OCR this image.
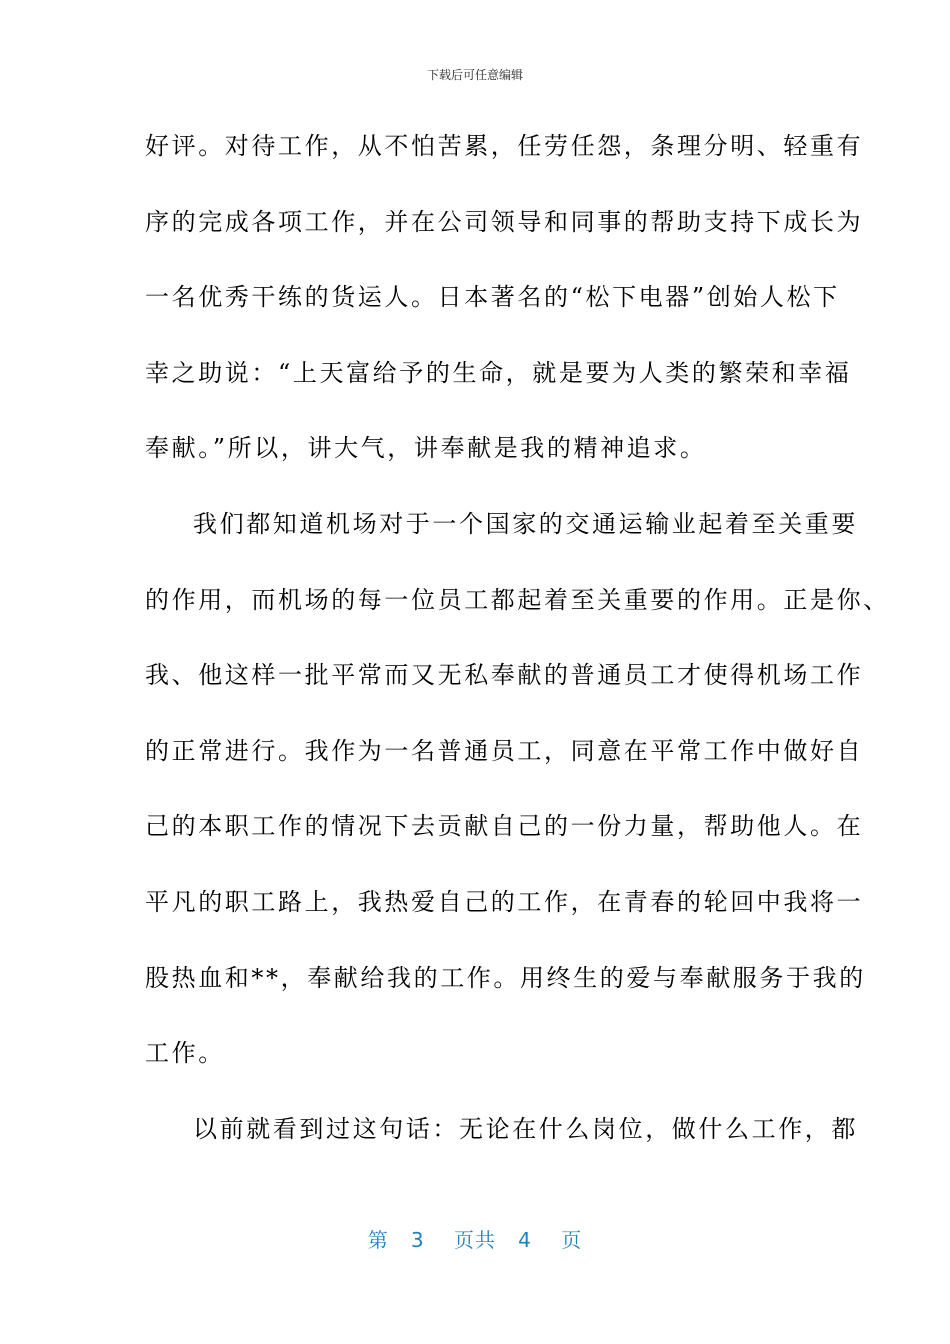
下载后可任意编辑
好评。对待工作，从不怕苦累，任劳任怨，条理分明、轻重有
序的完成各项工作，并在公司领导和同事的帮助支持下成长为
一名优秀干练的货运人。日本著名的“松下电器”创始人松下
幸之助说：“上天富给予的生命，就是要为人类的繁荣和幸福
奉献。”所以，讲大气，讲奉献是我的精神追求。
我们都知道机场对于一个国家的交通运输业起着至关重要
的作用，而机场的每一位员工都起着至关重要的作用。正是你、
我、他这样一批平常而又无私奉献的普通员工才使得机场工作
的正常进行。我作为一名普通员工，同意在平常工作中做好自
己的本职工作的情况下去贡献自己的一份力量，帮助他人。在
平凡的职工路上，我热爱自己的工作，在青春的轮回中我将一
股热血和**，奉献给我的工作。用终生的爱与奉献服务于我的
工作。
以前就看到过这句话：无论在什么岗位，做什么工作，都
第 3 页共 4 页
